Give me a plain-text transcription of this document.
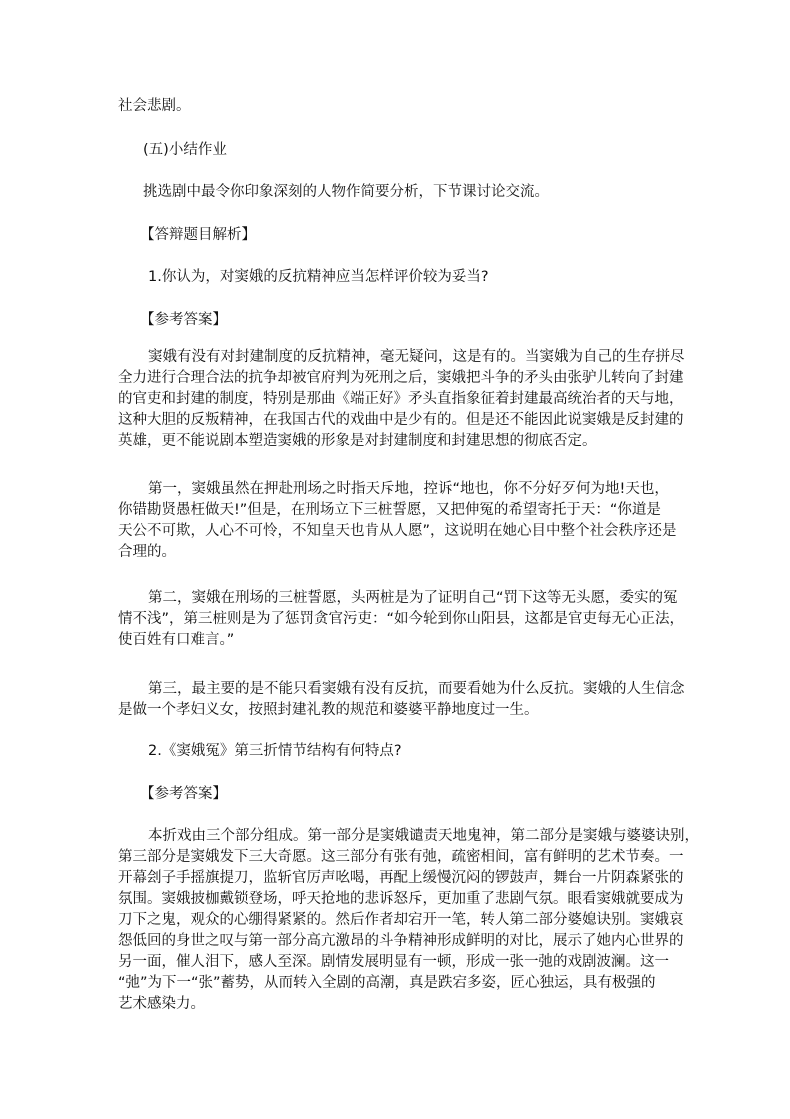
社会悲剧。
(五)小结作业
挑选剧中最令你印象深刻的人物作简要分析，下节课讨论交流。
【答辩题目解析】
1.你认为，对窦娥的反抗精神应当怎样评价较为妥当?
【参考答案】
窦娥有没有对封建制度的反抗精神，毫无疑问，这是有的。当窦娥为自己的生存拼尽
全力进行合理合法的抗争却被官府判为死刑之后，窦娥把斗争的矛头由张驴儿转向了封建
的官吏和封建的制度，特别是那曲《端正好》矛头直指象征着封建最高统治者的天与地，
这种大胆的反叛精神，在我国古代的戏曲中是少有的。但是还不能因此说窦娥是反封建的
英雄，更不能说剧本塑造窦娥的形象是对封建制度和封建思想的彻底否定。
第一，窦娥虽然在押赴刑场之时指天斥地，控诉“地也，你不分好歹何为地!天也，
你错勘贤愚枉做天!”但是，在刑场立下三桩誓愿，又把伸冤的希望寄托于天：“你道是
天公不可欺，人心不可怜，不知皇天也肯从人愿”，这说明在她心目中整个社会秩序还是
合理的。
第二，窦娥在刑场的三桩誓愿，头两桩是为了证明自己“罚下这等无头愿，委实的冤
情不浅”，第三桩则是为了惩罚贪官污吏：“如今轮到你山阳县，这都是官吏每无心正法，
使百姓有口难言。”
第三，最主要的是不能只看窦娥有没有反抗，而要看她为什么反抗。窦娥的人生信念
是做一个孝妇义女，按照封建礼教的规范和婆婆平静地度过一生。
2.《窦娥冤》第三折情节结构有何特点?
【参考答案】
本折戏由三个部分组成。第一部分是窦娥谴责天地鬼神，第二部分是窦娥与婆婆诀别，
第三部分是窦娥发下三大奇愿。这三部分有张有弛，疏密相间，富有鲜明的艺术节奏。一
开幕刽子手摇旗提刀，监斩官厉声吆喝，再配上缓慢沉闷的锣鼓声，舞台一片阴森紧张的
氛围。窦娥披枷戴锁登场，呼天抢地的悲诉怒斥，更加重了悲剧气氛。眼看窦娥就要成为
刀下之鬼，观众的心绷得紧紧的。然后作者却宕开一笔，转人第二部分婆媳诀别。窦娥哀
怨低回的身世之叹与第一部分高亢激昂的斗争精神形成鲜明的对比，展示了她内心世界的
另一面，催人泪下，感人至深。剧情发展明显有一顿，形成一张一弛的戏剧波澜。这一
“弛”为下一“张”蓄势，从而转入全剧的高潮，真是跌宕多姿，匠心独运，具有极强的
艺术感染力。
